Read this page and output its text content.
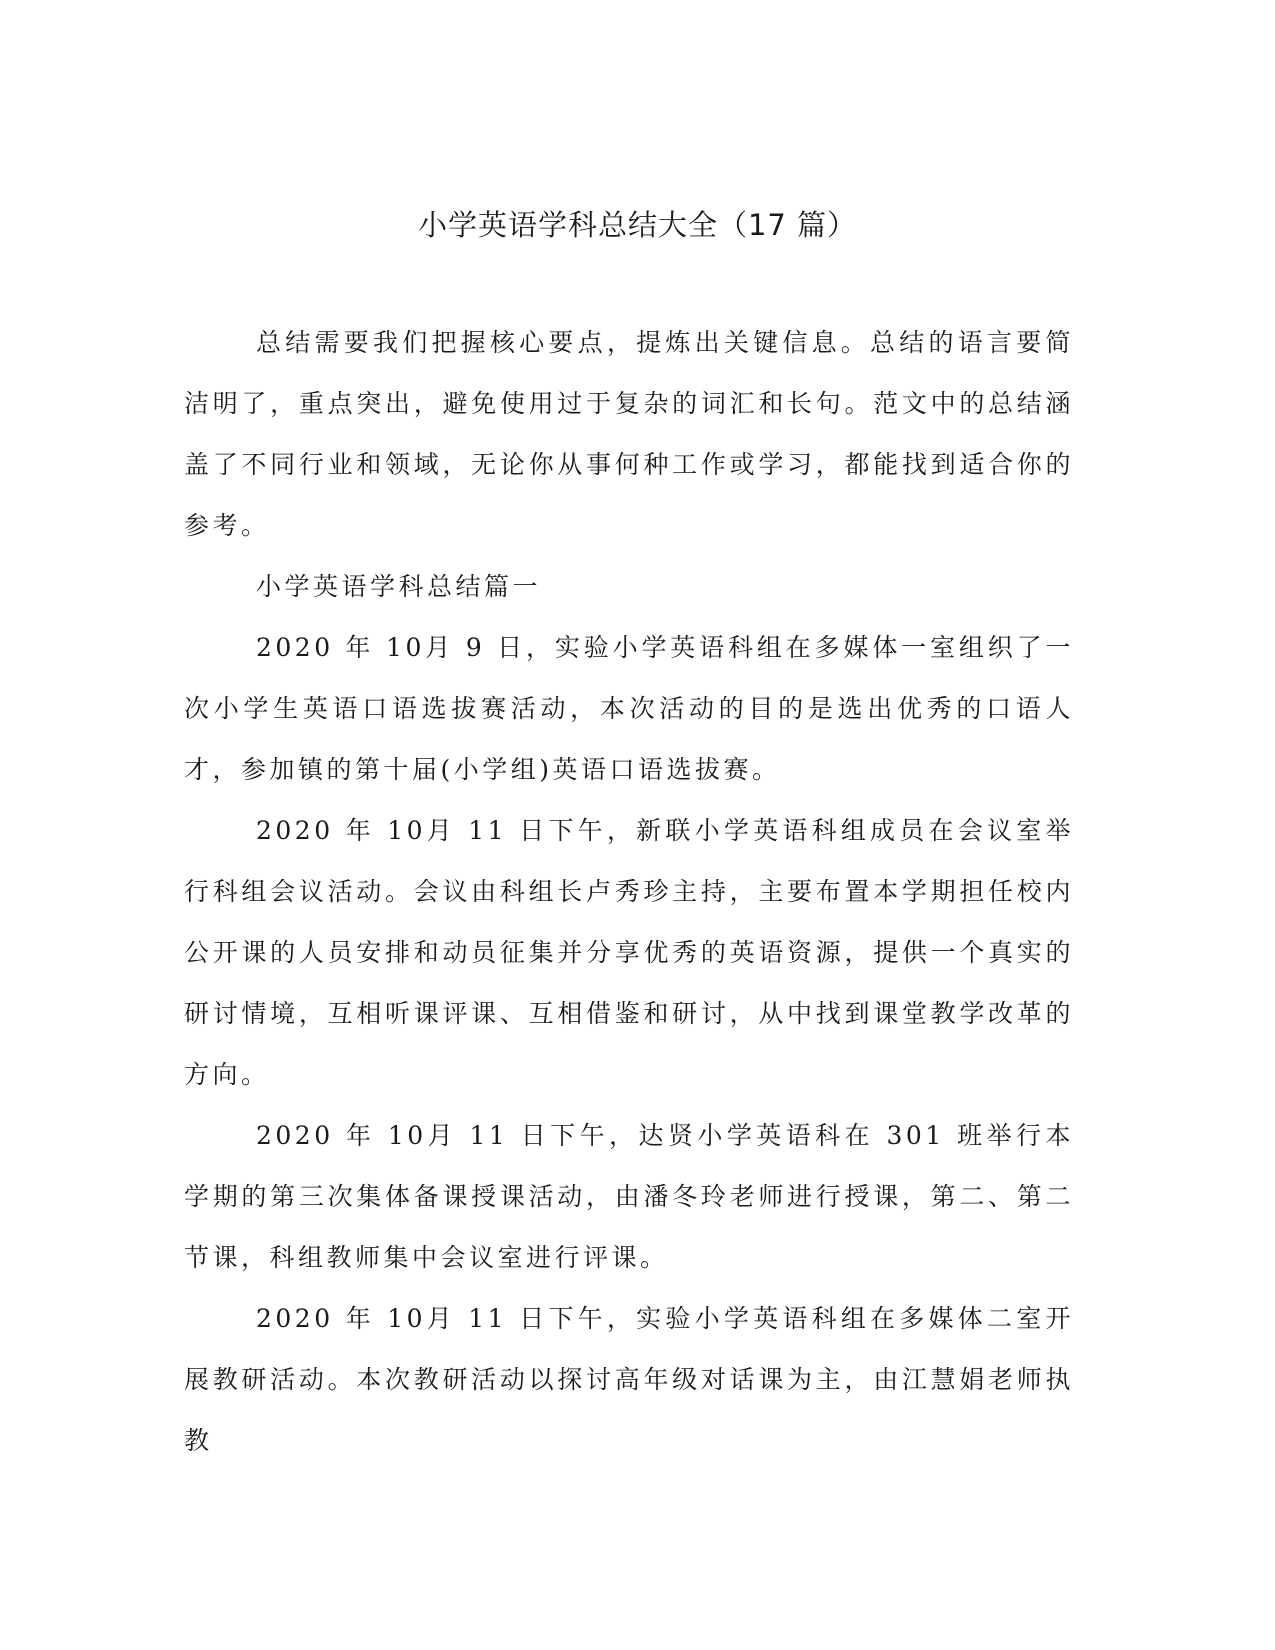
小学英语学科总结大全（17 篇）

总结需要我们把握核心要点，提炼出关键信息。总结的语言要简洁明了，重点突出，避免使用过于复杂的词汇和长句。范文中的总结涵盖了不同行业和领域，无论你从事何种工作或学习，都能找到适合你的参考。

小学英语学科总结篇一

2020 年 10月 9 日，实验小学英语科组在多媒体一室组织了一次小学生英语口语选拔赛活动，本次活动的目的是选出优秀的口语人才，参加镇的第十届(小学组)英语口语选拔赛。

2020 年 10月 11 日下午，新联小学英语科组成员在会议室举行科组会议活动。会议由科组长卢秀珍主持，主要布置本学期担任校内公开课的人员安排和动员征集并分享优秀的英语资源，提供一个真实的研讨情境，互相听课评课、互相借鉴和研讨，从中找到课堂教学改革的方向。

2020 年 10月 11 日下午，达贤小学英语科在 301 班举行本学期的第三次集体备课授课活动，由潘冬玲老师进行授课，第二、第二节课，科组教师集中会议室进行评课。

2020 年 10月 11 日下午，实验小学英语科组在多媒体二室开展教研活动。本次教研活动以探讨高年级对话课为主，由江慧娟老师执教
